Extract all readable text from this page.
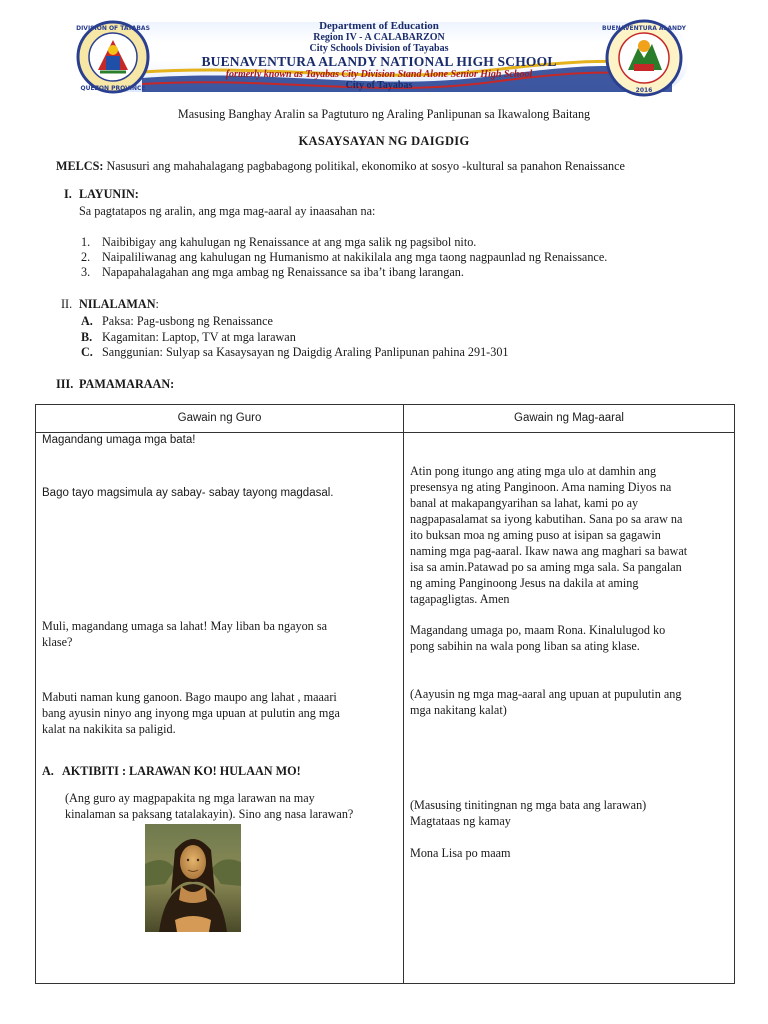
DIVISION OF TAYABAS
QUEZON PROVINCE
Department of Education
Region IV - A CALABARZON
City Schools Division of Tayabas
BUENAVENTURA ALANDY NATIONAL HIGH SCHOOL
formerly known as Tayabas City Division Stand Alone Senior High School
City of Tayabas
BUENAVENTURA ALANDY
2016
Masusing Banghay Aralin sa Pagtuturo ng Araling Panlipunan sa Ikawalong Baitang
KASAYSAYAN NG DAIGDIG
MELCS: Nasusuri ang mahahalagang pagbabagong politikal, ekonomiko at sosyo -kultural sa panahon Renaissance
I. LAYUNIN:
Sa pagtatapos ng aralin, ang mga mag-aaral ay inaasahan na:
1. Naibibigay ang kahulugan ng Renaissance at ang mga salik ng pagsibol nito.
2. Naipaliliwanag ang kahulugan ng Humanismo at nakikilala ang mga taong nagpaunlad ng Renaissance.
3. Napapahalagahan ang mga ambag ng Renaissance sa iba’t ibang larangan.
II. NILALAMAN:
A. Paksa: Pag-usbong ng Renaissance
B. Kagamitan: Laptop, TV at mga larawan
C. Sanggunian: Sulyap sa Kasaysayan ng Daigdig Araling Panlipunan pahina 291-301
III. PAMAMARAAN:
Gawain ng Guro	Gawain ng Mag-aaral
Magandang umaga mga bata!
Bago tayo magsimula ay sabay- sabay tayong magdasal.
Muli, magandang umaga sa lahat! May liban ba ngayon sa
klase?
Mabuti naman kung ganoon. Bago maupo ang lahat , maaari
bang ayusin ninyo ang inyong mga upuan at pulutin ang mga
kalat na nakikita sa paligid.
A. AKTIBITI : LARAWAN KO! HULAAN MO!
(Ang guro ay magpapakita ng mga larawan na may
kinalaman sa paksang tatalakayin). Sino ang nasa larawan?
Atin pong itungo ang ating mga ulo at damhin ang
presensya ng ating Panginoon. Ama naming Diyos na
banal at makapangyarihan sa lahat, kami po ay
nagpapasalamat sa iyong kabutihan. Sana po sa araw na
ito buksan moa ng aming puso at isipan sa gagawin
naming mga pag-aaral. Ikaw nawa ang maghari sa bawat
isa sa amin.Patawad po sa aming mga sala. Sa pangalan
ng aming Panginoong Jesus na dakila at aming
tagapagligtas. Amen
Magandang umaga po, maam Rona. Kinalulugod ko
pong sabihin na wala pong liban sa ating klase.
(Aayusin ng mga mag-aaral ang upuan at pupulutin ang
mga nakitang kalat)
(Masusing tinitingnan ng mga bata ang larawan)
Magtataas ng kamay
Mona Lisa po maam
